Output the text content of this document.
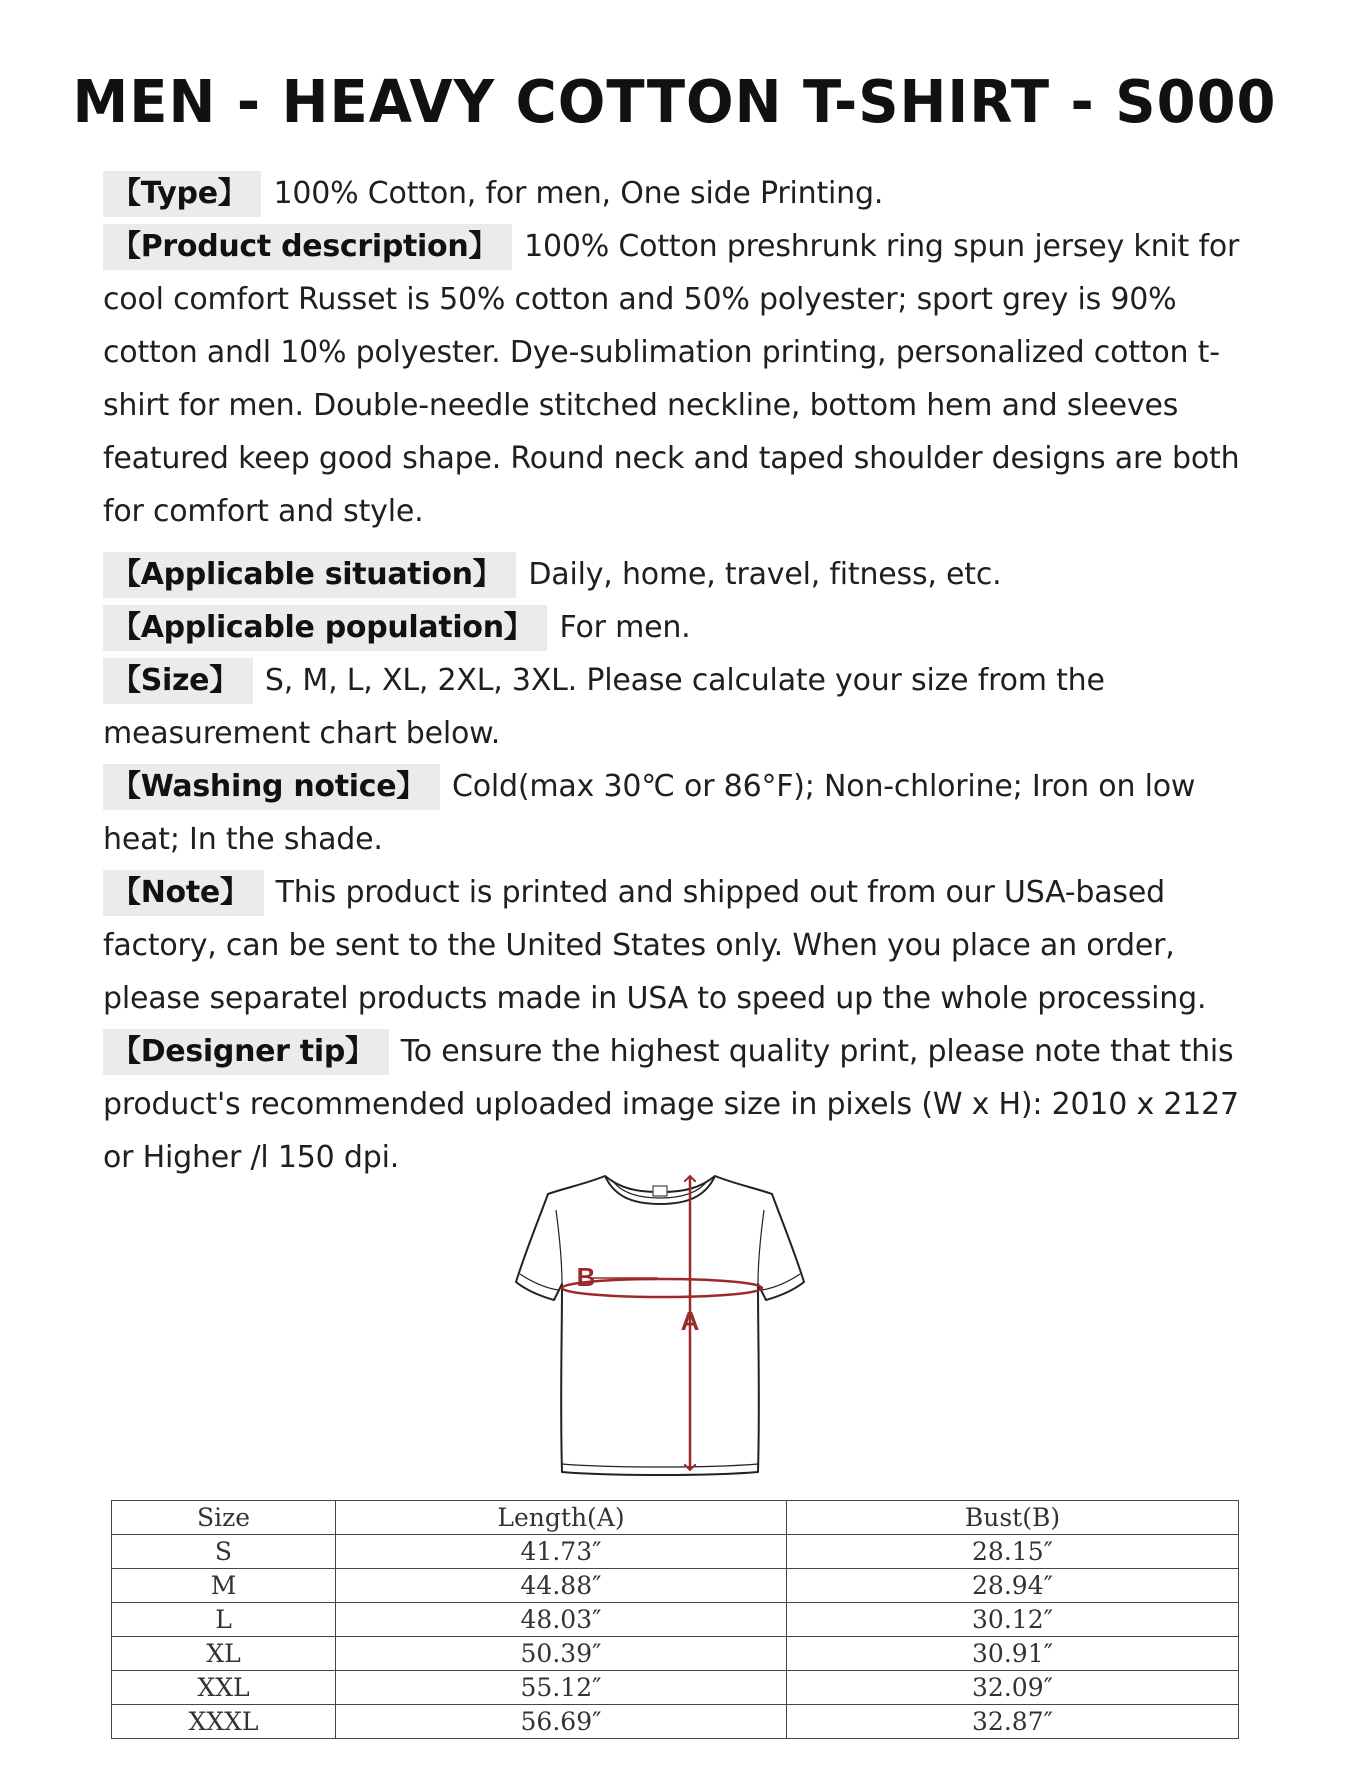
MEN - HEAVY COTTON T-SHIRT - S000

【Type】 100% Cotton, for men, One side Printing.

【Product description】 100% Cotton preshrunk ring spun jersey knit for cool comfort Russet is 50% cotton and 50% polyester; sport grey is 90% cotton andl 10% polyester. Dye-sublimation printing, personalized cotton t-shirt for men. Double-needle stitched neckline, bottom hem and sleeves featured keep good shape. Round neck and taped shoulder designs are both for comfort and style.

【Applicable situation】 Daily, home, travel, fitness, etc.

【Applicable population】 For men.

【Size】 S, M, L, XL, 2XL, 3XL. Please calculate your size from the measurement chart below.

【Washing notice】 Cold(max 30℃ or 86°F); Non-chlorine; Iron on low heat; In the shade.

【Note】 This product is printed and shipped out from our USA-based factory, can be sent to the United States only. When you place an order, please separatel products made in USA to speed up the whole processing.

【Designer tip】 To ensure the highest quality print, please note that this product's recommended uploaded image size in pixels (W x H): 2010 x 2127 or Higher /l 150 dpi.

B
A
Size	Length(A)	Bust(B)
S	41.73″	28.15″
M	44.88″	28.94″
L	48.03″	30.12″
XL	50.39″	30.91″
XXL	55.12″	32.09″
XXXL	56.69″	32.87″
